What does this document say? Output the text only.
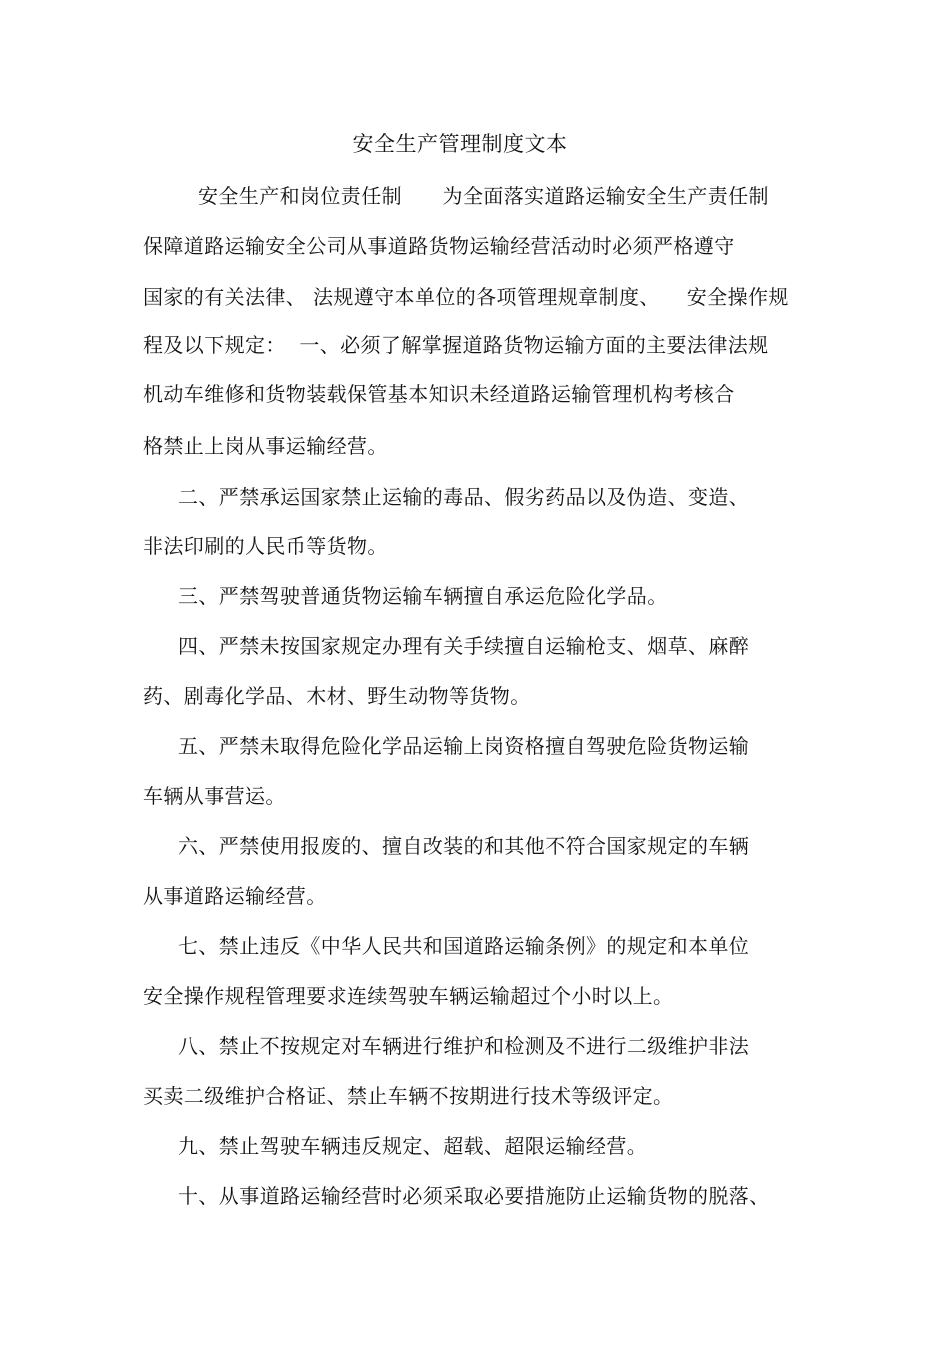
安全生产管理制度文本
安全生产和岗位责任制      为全面落实道路运输安全生产责任制
保障道路运输安全公司从事道路货物运输经营活动时必须严格遵守
国家的有关法律、 法规遵守本单位的各项管理规章制度、    安全操作规
程及以下规定：  一、必须了解掌握道路货物运输方面的主要法律法规
机动车维修和货物装载保管基本知识未经道路运输管理机构考核合
格禁止上岗从事运输经营。
二、严禁承运国家禁止运输的毒品、假劣药品以及伪造、变造、
非法印刷的人民币等货物。
三、严禁驾驶普通货物运输车辆擅自承运危险化学品。
四、严禁未按国家规定办理有关手续擅自运输枪支、烟草、麻醉
药、剧毒化学品、木材、野生动物等货物。
五、严禁未取得危险化学品运输上岗资格擅自驾驶危险货物运输
车辆从事营运。
六、严禁使用报废的、擅自改装的和其他不符合国家规定的车辆
从事道路运输经营。
七、禁止违反《中华人民共和国道路运输条例》的规定和本单位
安全操作规程管理要求连续驾驶车辆运输超过个小时以上。
八、禁止不按规定对车辆进行维护和检测及不进行二级维护非法
买卖二级维护合格证、禁止车辆不按期进行技术等级评定。
九、禁止驾驶车辆违反规定、超载、超限运输经营。
十、从事道路运输经营时必须采取必要措施防止运输货物的脱落、
